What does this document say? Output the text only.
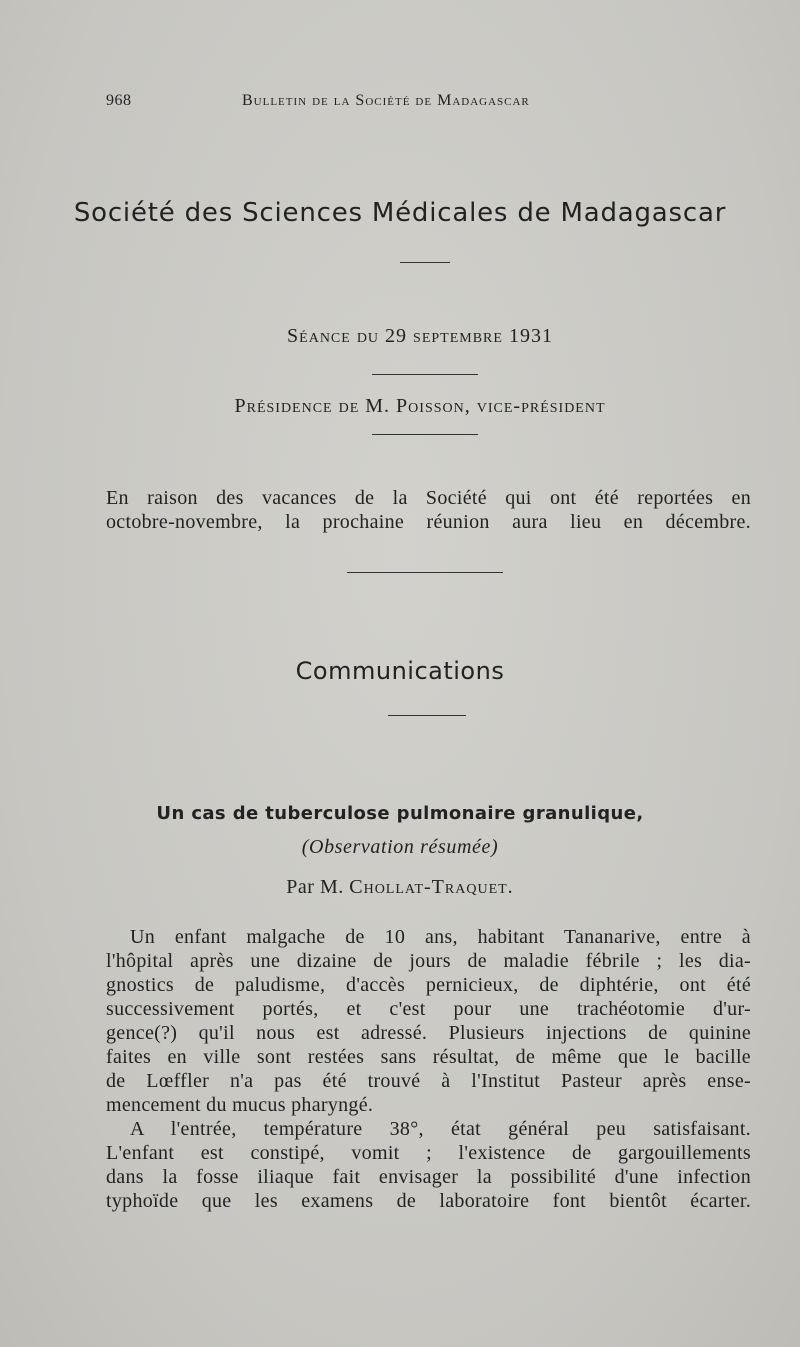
968	Bulletin de la Société de Madagascar
Société des Sciences Médicales de Madagascar
Séance du 29 septembre 1931
Présidence de M. Poisson, vice-président
En raison des vacances de la Société qui ont été reportées en
octobre-novembre, la prochaine réunion aura lieu en décembre.
Communications
Un cas de tuberculose pulmonaire granulique,
(Observation résumée)
Par M. Chollat-Traquet.
Un enfant malgache de 10 ans, habitant Tananarive, entre à
l'hôpital après une dizaine de jours de maladie fébrile ; les dia-
gnostics de paludisme, d'accès pernicieux, de diphtérie, ont été
successivement portés, et c'est pour une trachéotomie d'ur-
gence(?) qu'il nous est adressé. Plusieurs injections de quinine
faites en ville sont restées sans résultat, de même que le bacille
de Lœffler n'a pas été trouvé à l'Institut Pasteur après ense-
mencement du mucus pharyngé.
A l'entrée, température 38°, état général peu satisfaisant.
L'enfant est constipé, vomit ; l'existence de gargouillements
dans la fosse iliaque fait envisager la possibilité d'une infection
typhoïde que les examens de laboratoire font bientôt écarter.
